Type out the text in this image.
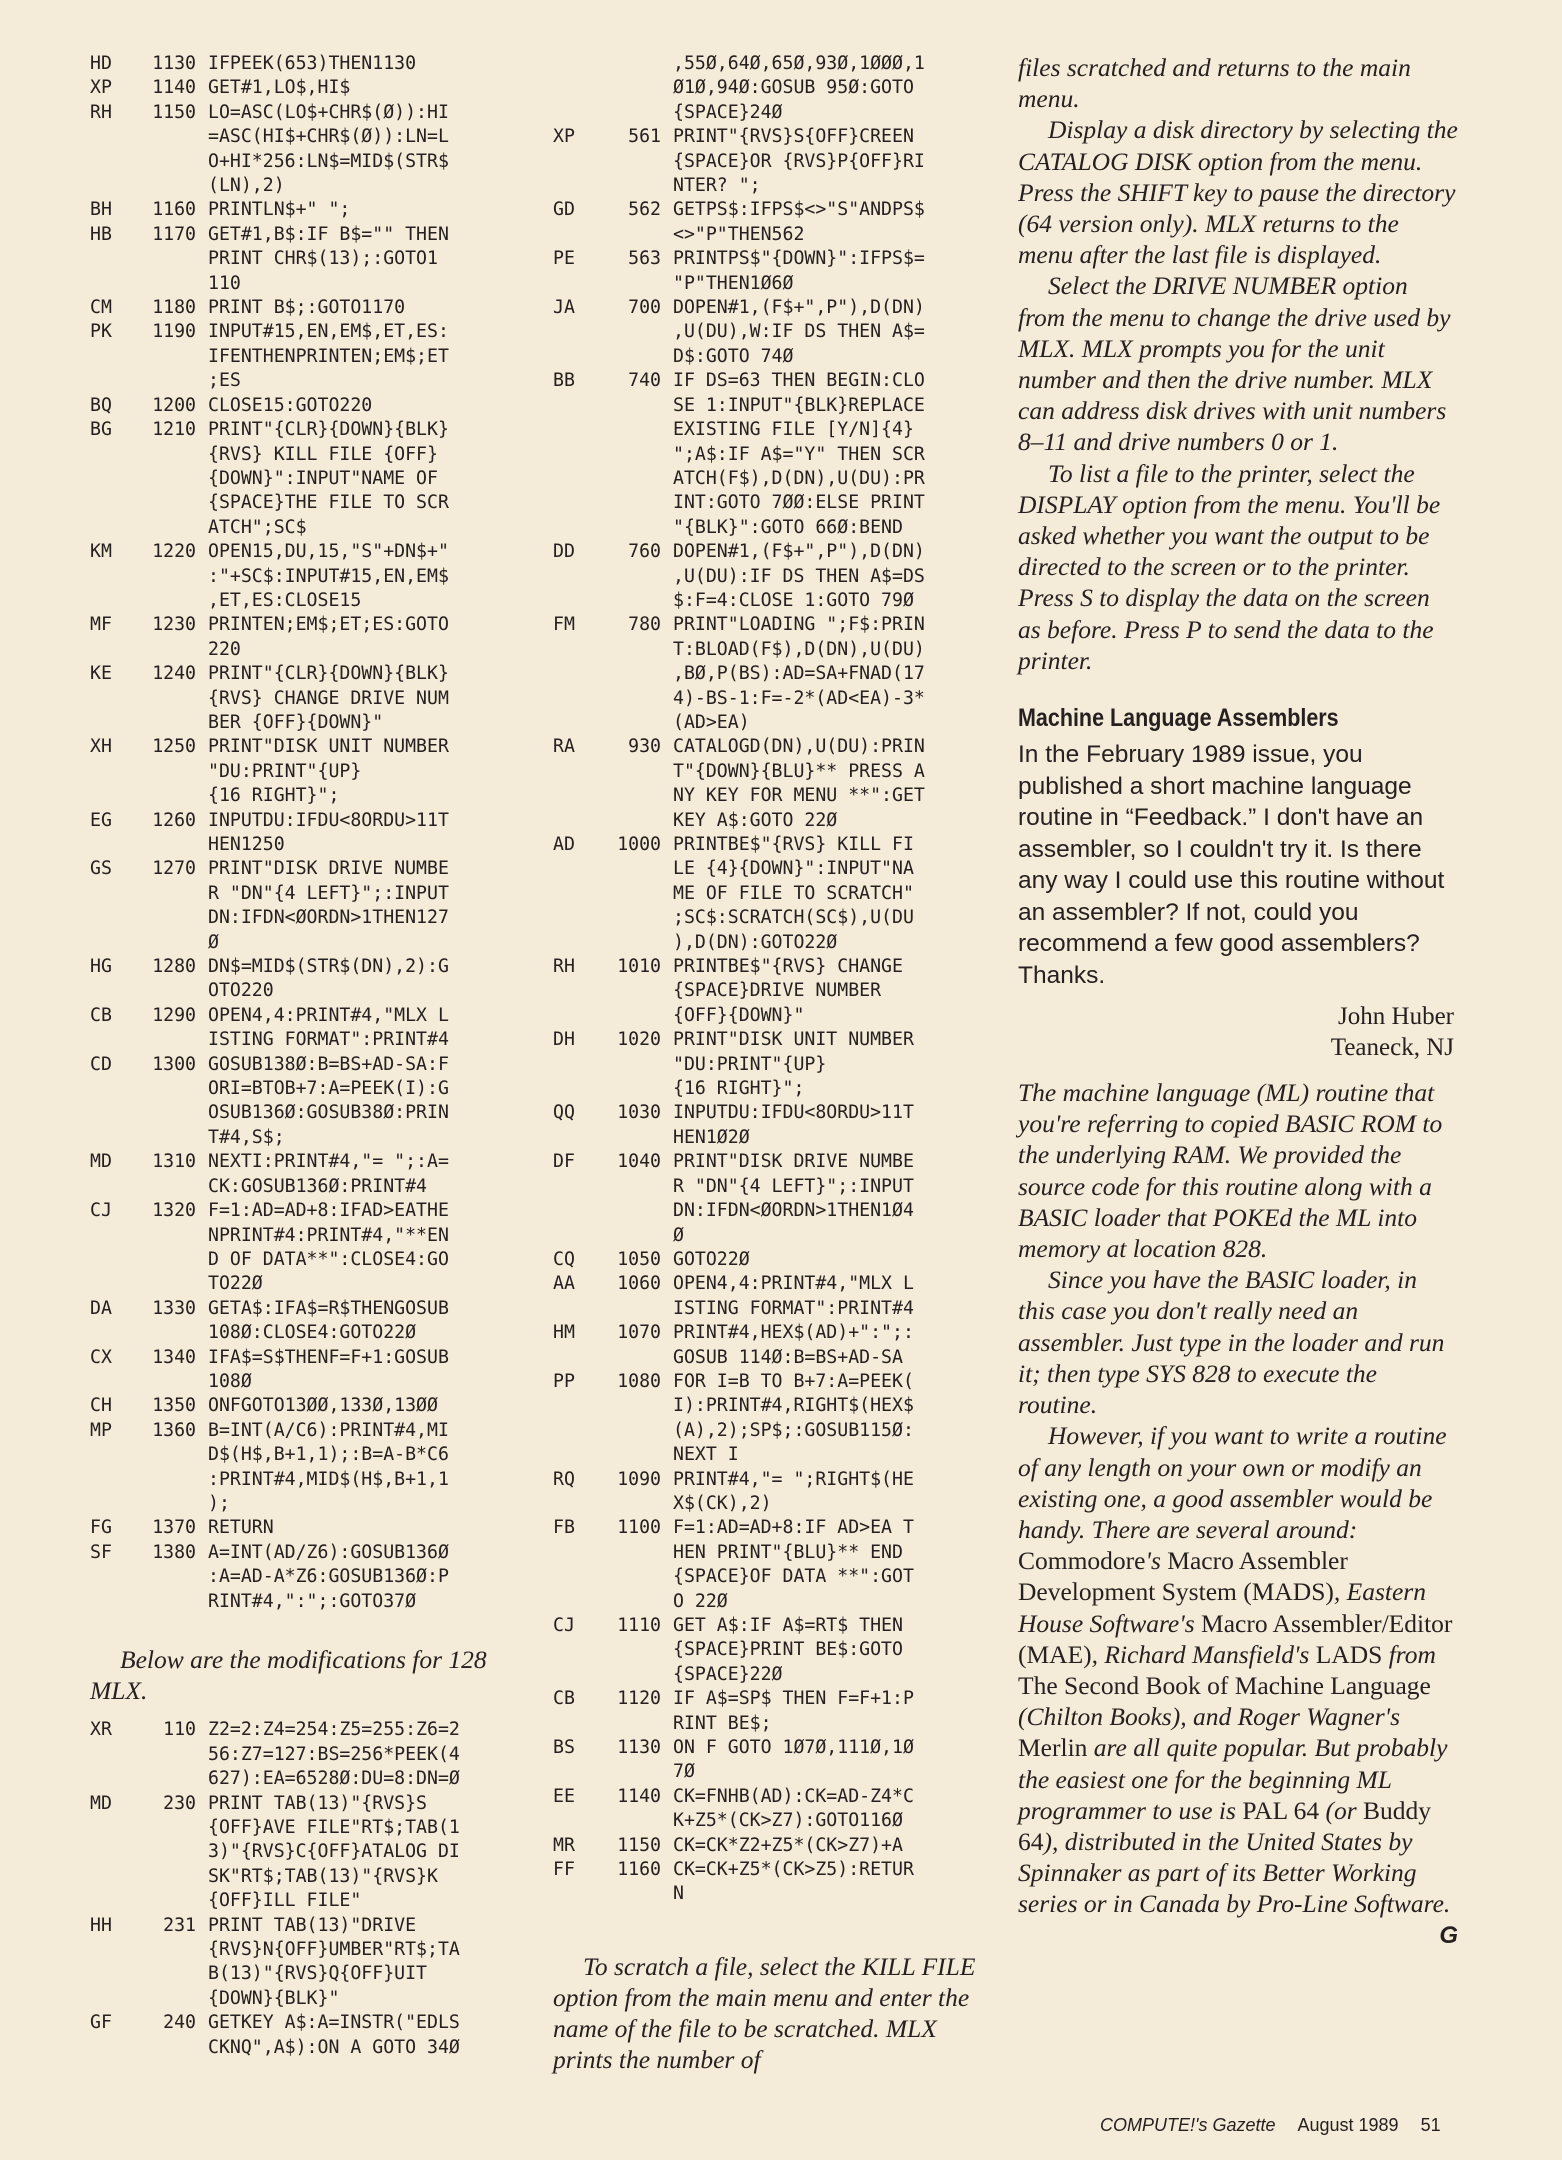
HD	1130 IFPEEK(653)THEN1130
XP	1140 GET#1,LO$,HI$
RH	1150 LO=ASC(LO$+CHR$(Ø)):HI
=ASC(HI$+CHR$(Ø)):LN=L
O+HI*256:LN$=MID$(STR$
(LN),2)
BH	1160 PRINTLN$+" ";
HB	1170 GET#1,B$:IF B$="" THEN
PRINT CHR$(13);:GOTO1
110
CM	1180 PRINT B$;:GOTO1170
PK	1190 INPUT#15,EN,EM$,ET,ES:
IFENTHENPRINTEN;EM$;ET
;ES
BQ	1200 CLOSE15:GOTO220
BG	1210 PRINT"{CLR}{DOWN}{BLK}
{RVS} KILL FILE {OFF}
{DOWN}":INPUT"NAME OF
{SPACE}THE FILE TO SCR
ATCH";SC$
KM	1220 OPEN15,DU,15,"S"+DN$+"
:"+SC$:INPUT#15,EN,EM$
,ET,ES:CLOSE15
MF	1230 PRINTEN;EM$;ET;ES:GOTO
220
KE	1240 PRINT"{CLR}{DOWN}{BLK}
{RVS} CHANGE DRIVE NUM
BER {OFF}{DOWN}"
XH	1250 PRINT"DISK UNIT NUMBER
"DU:PRINT"{UP}
{16 RIGHT}";
EG	1260 INPUTDU:IFDU<8ORDU>11T
HEN1250
GS	1270 PRINT"DISK DRIVE NUMBE
R "DN"{4 LEFT}";:INPUT
DN:IFDN<ØORDN>1THEN127
Ø
HG	1280 DN$=MID$(STR$(DN),2):G
OTO220
CB	1290 OPEN4,4:PRINT#4,"MLX L
ISTING FORMAT":PRINT#4
CD	1300 GOSUB138Ø:B=BS+AD-SA:F
ORI=BTOB+7:A=PEEK(I):G
OSUB136Ø:GOSUB38Ø:PRIN
T#4,S$;
MD	1310 NEXTI:PRINT#4,"= ";:A=
CK:GOSUB136Ø:PRINT#4
CJ	1320 F=1:AD=AD+8:IFAD>EATHE
NPRINT#4:PRINT#4,"**EN
D OF DATA**":CLOSE4:GO
TO22Ø
DA	1330 GETA$:IFA$=R$THENGOSUB
108Ø:CLOSE4:GOTO22Ø
CX	1340 IFA$=S$THENF=F+1:GOSUB
108Ø
CH	1350 ONFGOTO13ØØ,133Ø,13ØØ
MP	1360 B=INT(A/C6):PRINT#4,MI
D$(H$,B+1,1);:B=A-B*C6
:PRINT#4,MID$(H$,B+1,1
);
FG	1370 RETURN
SF	1380 A=INT(AD/Z6):GOSUB136Ø
:A=AD-A*Z6:GOSUB136Ø:P
RINT#4,":";:GOTO37Ø

Below are the modifications for 128 MLX.

XR	110 Z2=2:Z4=254:Z5=255:Z6=2
56:Z7=127:BS=256*PEEK(4
627):EA=6528Ø:DU=8:DN=Ø
MD	230 PRINT TAB(13)"{RVS}S
{OFF}AVE FILE"RT$;TAB(1
3)"{RVS}C{OFF}ATALOG DI
SK"RT$;TAB(13)"{RVS}K
{OFF}ILL FILE"
HH	231 PRINT TAB(13)"DRIVE
{RVS}N{OFF}UMBER"RT$;TA
B(13)"{RVS}Q{OFF}UIT
{DOWN}{BLK}"
GF	240 GETKEY A$:A=INSTR("EDLS
CKNQ",A$):ON A GOTO 34Ø
,55Ø,64Ø,65Ø,93Ø,1ØØØ,1
Ø1Ø,94Ø:GOSUB 95Ø:GOTO
{SPACE}24Ø
XP	561 PRINT"{RVS}S{OFF}CREEN
{SPACE}OR {RVS}P{OFF}RI
NTER? ";
GD	562 GETPS$:IFPS$<>"S"ANDPS$
<>"P"THEN562
PE	563 PRINTPS$"{DOWN}":IFPS$=
"P"THEN1Ø6Ø
JA	700 DOPEN#1,(F$+",P"),D(DN)
,U(DU),W:IF DS THEN A$=
D$:GOTO 74Ø
BB	740 IF DS=63 THEN BEGIN:CLO
SE 1:INPUT"{BLK}REPLACE
EXISTING FILE [Y/N]{4}
";A$:IF A$="Y" THEN SCR
ATCH(F$),D(DN),U(DU):PR
INT:GOTO 7ØØ:ELSE PRINT
"{BLK}":GOTO 66Ø:BEND
DD	760 DOPEN#1,(F$+",P"),D(DN)
,U(DU):IF DS THEN A$=DS
$:F=4:CLOSE 1:GOTO 79Ø
FM	780 PRINT"LOADING ";F$:PRIN
T:BLOAD(F$),D(DN),U(DU)
,BØ,P(BS):AD=SA+FNAD(17
4)-BS-1:F=-2*(AD<EA)-3*
(AD>EA)
RA	930 CATALOGD(DN),U(DU):PRIN
T"{DOWN}{BLU}** PRESS A
NY KEY FOR MENU **":GET
KEY A$:GOTO 22Ø
AD	1000 PRINTBE$"{RVS} KILL FI
LE {4}{DOWN}":INPUT"NA
ME OF FILE TO SCRATCH"
;SC$:SCRATCH(SC$),U(DU
),D(DN):GOTO22Ø
RH	1010 PRINTBE$"{RVS} CHANGE
{SPACE}DRIVE NUMBER
{OFF}{DOWN}"
DH	1020 PRINT"DISK UNIT NUMBER
"DU:PRINT"{UP}
{16 RIGHT}";
QQ	1030 INPUTDU:IFDU<8ORDU>11T
HEN1Ø2Ø
DF	1040 PRINT"DISK DRIVE NUMBE
R "DN"{4 LEFT}";:INPUT
DN:IFDN<ØORDN>1THEN1Ø4
Ø
CQ	1050 GOTO22Ø
AA	1060 OPEN4,4:PRINT#4,"MLX L
ISTING FORMAT":PRINT#4
HM	1070 PRINT#4,HEX$(AD)+":";:
GOSUB 114Ø:B=BS+AD-SA
PP	1080 FOR I=B TO B+7:A=PEEK(
I):PRINT#4,RIGHT$(HEX$
(A),2);SP$;:GOSUB115Ø:
NEXT I
RQ	1090 PRINT#4,"= ";RIGHT$(HE
X$(CK),2)
FB	1100 F=1:AD=AD+8:IF AD>EA T
HEN PRINT"{BLU}** END
{SPACE}OF DATA **":GOT
O 22Ø
CJ	1110 GET A$:IF A$=RT$ THEN
{SPACE}PRINT BE$:GOTO
{SPACE}22Ø
CB	1120 IF A$=SP$ THEN F=F+1:P
RINT BE$;
BS	1130 ON F GOTO 1Ø7Ø,111Ø,1Ø
7Ø
EE	1140 CK=FNHB(AD):CK=AD-Z4*C
K+Z5*(CK>Z7):GOTO116Ø
MR	1150 CK=CK*Z2+Z5*(CK>Z7)+A
FF	1160 CK=CK+Z5*(CK>Z5):RETUR
N

To scratch a file, select the KILL FILE option from the main menu and enter the name of the file to be scratched. MLX prints the number of

files scratched and returns to the main menu.

Display a disk directory by selecting the CATALOG DISK option from the menu. Press the SHIFT key to pause the directory (64 version only). MLX returns to the menu after the last file is displayed.

Select the DRIVE NUMBER option from the menu to change the drive used by MLX. MLX prompts you for the unit number and then the drive number. MLX can address disk drives with unit numbers 8–11 and drive numbers 0 or 1.

To list a file to the printer, select the DISPLAY option from the menu. You'll be asked whether you want the output to be directed to the screen or to the printer. Press S to display the data on the screen as before. Press P to send the data to the printer.

Machine Language Assemblers

In the February 1989 issue, you published a short machine language routine in “Feedback.” I don't have an assembler, so I couldn't try it. Is there any way I could use this routine without an assembler? If not, could you recommend a few good assemblers? Thanks.

John Huber
Teaneck, NJ

The machine language (ML) routine that you're referring to copied BASIC ROM to the underlying RAM. We provided the source code for this routine along with a BASIC loader that POKEd the ML into memory at location 828.

Since you have the BASIC loader, in this case you don't really need an assembler. Just type in the loader and run it; then type SYS 828 to execute the routine.

However, if you want to write a routine of any length on your own or modify an existing one, a good assembler would be handy. There are several around: Commodore's Macro Assembler Development System (MADS), Eastern House Software's Macro Assembler/Editor (MAE), Richard Mansfield's LADS from The Second Book of Machine Language (Chilton Books), and Roger Wagner's Merlin are all quite popular. But probably the easiest one for the beginning ML programmer to use is PAL 64 (or Buddy 64), distributed in the United States by Spinnaker as part of its Better Working series or in Canada by Pro-Line Software.
G

COMPUTE!'s Gazette August 1989 51
